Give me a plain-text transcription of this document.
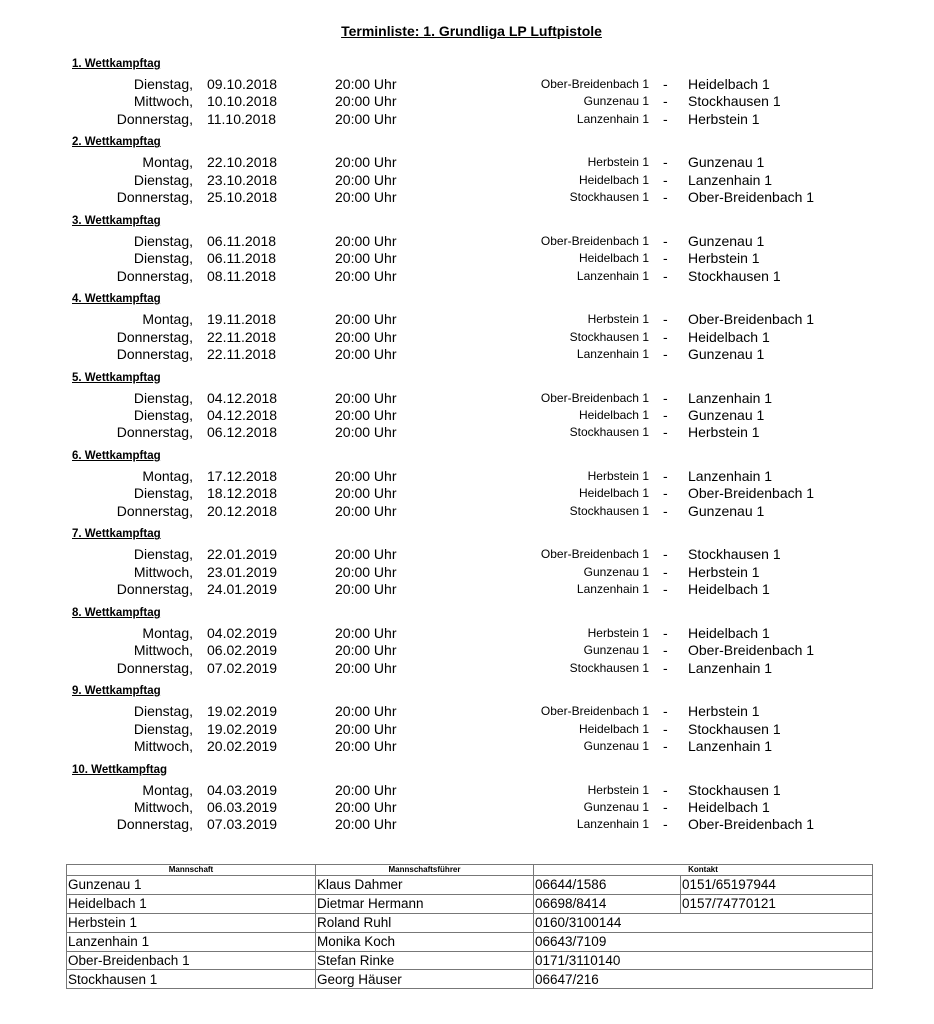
Terminliste: 1. Grundliga LP Luftpistole
1. Wettkampftag
Dienstag, 09.10.2018	20:00 Uhr	Ober-Breidenbach 1 - Heidelbach 1
Mittwoch, 10.10.2018	20:00 Uhr	Gunzenau 1 - Stockhausen 1
Donnerstag, 11.10.2018	20:00 Uhr	Lanzenhain 1 - Herbstein 1
2. Wettkampftag
Montag, 22.10.2018	20:00 Uhr	Herbstein 1 - Gunzenau 1
Dienstag, 23.10.2018	20:00 Uhr	Heidelbach 1 - Lanzenhain 1
Donnerstag, 25.10.2018	20:00 Uhr	Stockhausen 1 - Ober-Breidenbach 1
3. Wettkampftag
Dienstag, 06.11.2018	20:00 Uhr	Ober-Breidenbach 1 - Gunzenau 1
Dienstag, 06.11.2018	20:00 Uhr	Heidelbach 1 - Herbstein 1
Donnerstag, 08.11.2018	20:00 Uhr	Lanzenhain 1 - Stockhausen 1
4. Wettkampftag
Montag, 19.11.2018	20:00 Uhr	Herbstein 1 - Ober-Breidenbach 1
Donnerstag, 22.11.2018	20:00 Uhr	Stockhausen 1 - Heidelbach 1
Donnerstag, 22.11.2018	20:00 Uhr	Lanzenhain 1 - Gunzenau 1
5. Wettkampftag
Dienstag, 04.12.2018	20:00 Uhr	Ober-Breidenbach 1 - Lanzenhain 1
Dienstag, 04.12.2018	20:00 Uhr	Heidelbach 1 - Gunzenau 1
Donnerstag, 06.12.2018	20:00 Uhr	Stockhausen 1 - Herbstein 1
6. Wettkampftag
Montag, 17.12.2018	20:00 Uhr	Herbstein 1 - Lanzenhain 1
Dienstag, 18.12.2018	20:00 Uhr	Heidelbach 1 - Ober-Breidenbach 1
Donnerstag, 20.12.2018	20:00 Uhr	Stockhausen 1 - Gunzenau 1
7. Wettkampftag
Dienstag, 22.01.2019	20:00 Uhr	Ober-Breidenbach 1 - Stockhausen 1
Mittwoch, 23.01.2019	20:00 Uhr	Gunzenau 1 - Herbstein 1
Donnerstag, 24.01.2019	20:00 Uhr	Lanzenhain 1 - Heidelbach 1
8. Wettkampftag
Montag, 04.02.2019	20:00 Uhr	Herbstein 1 - Heidelbach 1
Mittwoch, 06.02.2019	20:00 Uhr	Gunzenau 1 - Ober-Breidenbach 1
Donnerstag, 07.02.2019	20:00 Uhr	Stockhausen 1 - Lanzenhain 1
9. Wettkampftag
Dienstag, 19.02.2019	20:00 Uhr	Ober-Breidenbach 1 - Herbstein 1
Dienstag, 19.02.2019	20:00 Uhr	Heidelbach 1 - Stockhausen 1
Mittwoch, 20.02.2019	20:00 Uhr	Gunzenau 1 - Lanzenhain 1
10. Wettkampftag
Montag, 04.03.2019	20:00 Uhr	Herbstein 1 - Stockhausen 1
Mittwoch, 06.03.2019	20:00 Uhr	Gunzenau 1 - Heidelbach 1
Donnerstag, 07.03.2019	20:00 Uhr	Lanzenhain 1 - Ober-Breidenbach 1
Mannschaft	Mannschaftsführer	Kontakt	
Gunzenau 1	Klaus Dahmer	06644/1586	0151/65197944
Heidelbach 1	Dietmar Hermann	06698/8414	0157/74770121
Herbstein 1	Roland Ruhl	0160/3100144	
Lanzenhain 1	Monika Koch	06643/7109	
Ober-Breidenbach 1	Stefan Rinke	0171/3110140	
Stockhausen 1	Georg Häuser	06647/216	
